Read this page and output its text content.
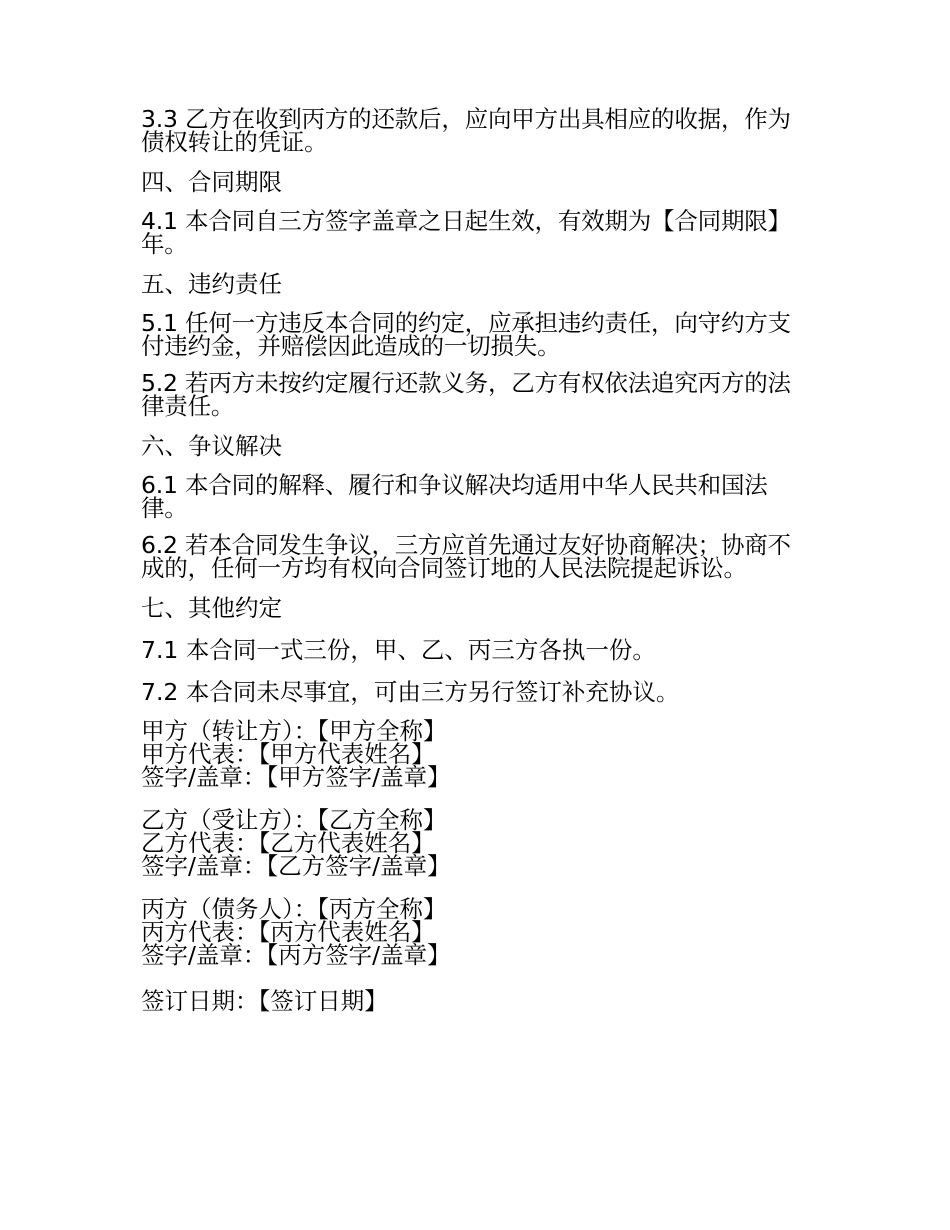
3.3 乙方在收到丙方的还款后，应向甲方出具相应的收据，作为债权转让的凭证。

四、合同期限

4.1 本合同自三方签字盖章之日起生效，有效期为【合同期限】年。

五、违约责任

5.1 任何一方违反本合同的约定，应承担违约责任，向守约方支付违约金，并赔偿因此造成的一切损失。

5.2 若丙方未按约定履行还款义务，乙方有权依法追究丙方的法律责任。

六、争议解决

6.1 本合同的解释、履行和争议解决均适用中华人民共和国法律。

6.2 若本合同发生争议，三方应首先通过友好协商解决；协商不成的，任何一方均有权向合同签订地的人民法院提起诉讼。

七、其他约定

7.1 本合同一式三份，甲、乙、丙三方各执一份。

7.2 本合同未尽事宜，可由三方另行签订补充协议。

甲方（转让方）：【甲方全称】
甲方代表：【甲方代表姓名】
签字/盖章：【甲方签字/盖章】
乙方（受让方）：【乙方全称】
乙方代表：【乙方代表姓名】
签字/盖章：【乙方签字/盖章】
丙方（债务人）：【丙方全称】
丙方代表：【丙方代表姓名】
签字/盖章：【丙方签字/盖章】

签订日期：【签订日期】
